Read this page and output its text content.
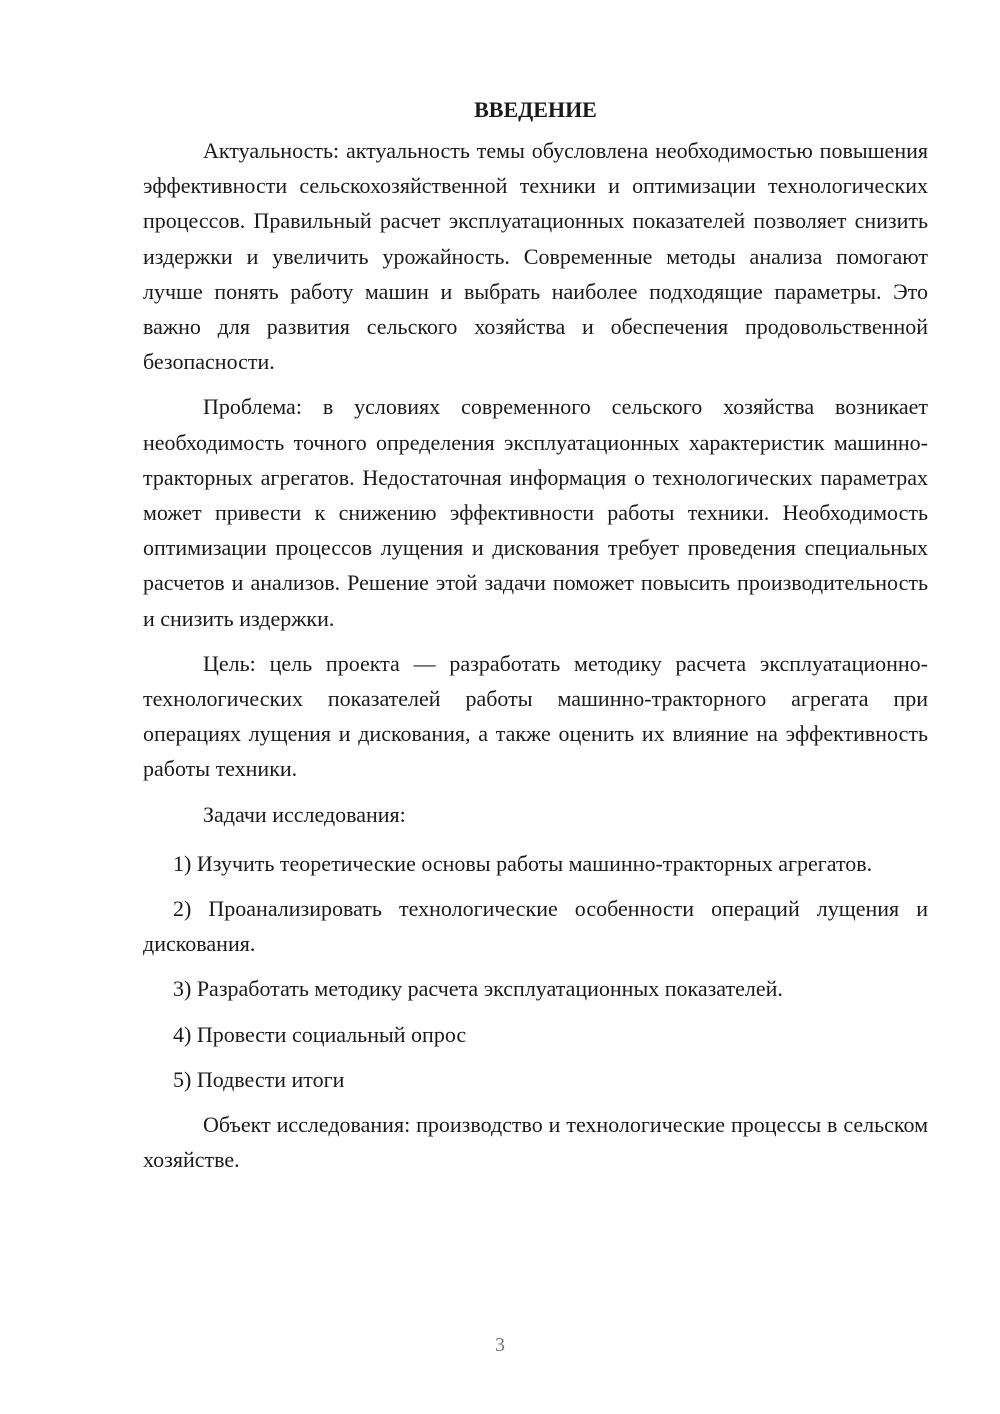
ВВЕДЕНИЕ

Актуальность: актуальность темы обусловлена необходимостью повышения эффективности сельскохозяйственной техники и оптимизации технологических процессов. Правильный расчет эксплуатационных показателей позволяет снизить издержки и увеличить урожайность. Современные методы анализа помогают лучше понять работу машин и выбрать наиболее подходящие параметры. Это важно для развития сельского хозяйства и обеспечения продовольственной безопасности.

Проблема: в условиях современного сельского хозяйства возникает необходимость точного определения эксплуатационных характеристик машинно-тракторных агрегатов. Недостаточная информация о технологических параметрах может привести к снижению эффективности работы техники. Необходимость оптимизации процессов лущения и дискования требует проведения специальных расчетов и анализов. Решение этой задачи поможет повысить производительность и снизить издержки.

Цель: цель проекта — разработать методику расчета эксплуатационно-технологических показателей работы машинно-тракторного агрегата при операциях лущения и дискования, а также оценить их влияние на эффективность работы техники.

Задачи исследования:

1) Изучить теоретические основы работы машинно-тракторных агрегатов.

2) Проанализировать технологические особенности операций лущения и дискования.

3) Разработать методику расчета эксплуатационных показателей.

4) Провести социальный опрос

5) Подвести итоги

Объект исследования: производство и технологические процессы в сельском хозяйстве.

3
